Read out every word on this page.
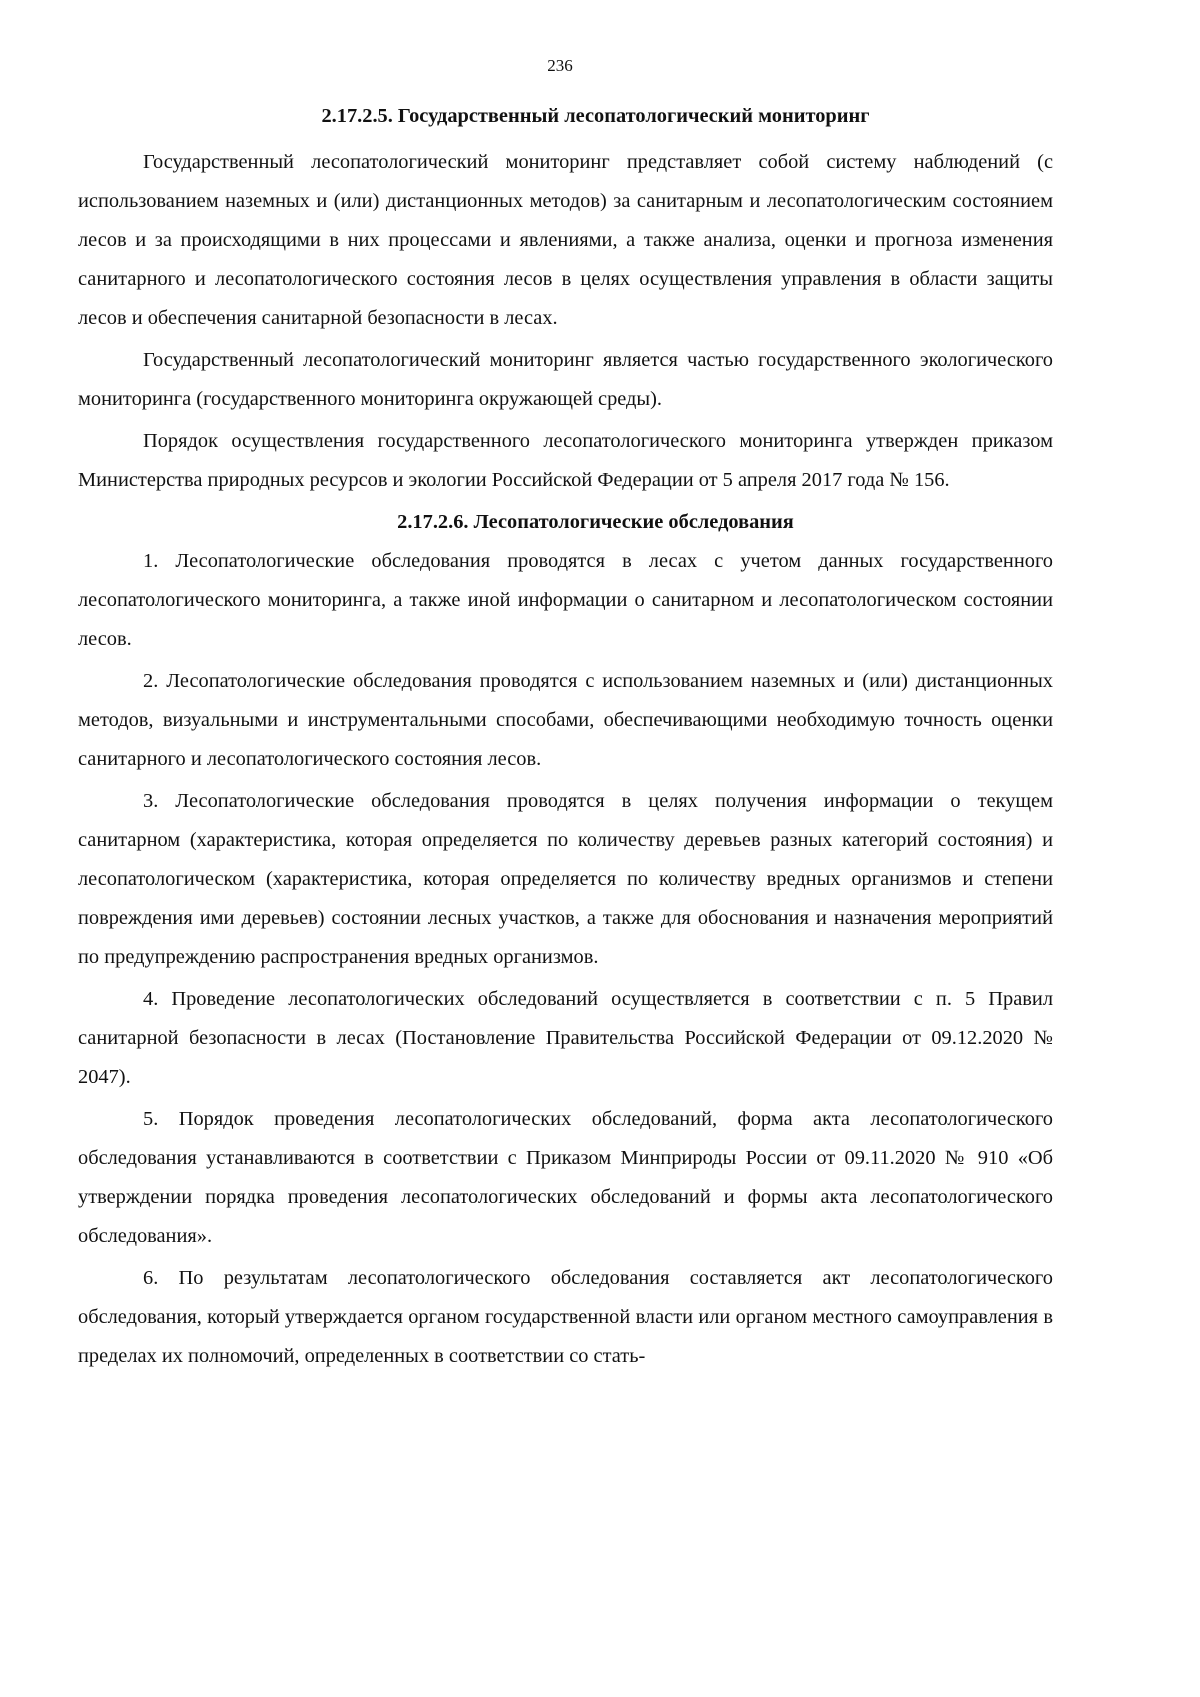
236
2.17.2.5. Государственный лесопатологический мониторинг

Государственный лесопатологический мониторинг представляет собой систему наблюдений (с использованием наземных и (или) дистанционных методов) за санитарным и лесопатологическим состоянием лесов и за происходящими в них процессами и явлениями, а также анализа, оценки и прогноза изменения санитарного и лесопатологического состояния лесов в целях осуществления управления в области защиты лесов и обеспечения санитарной безопасности в лесах.

Государственный лесопатологический мониторинг является частью государственного экологического мониторинга (государственного мониторинга окружающей среды).

Порядок осуществления государственного лесопатологического мониторинга утвержден приказом Министерства природных ресурсов и экологии Российской Федерации от 5 апреля 2017 года № 156.

2.17.2.6. Лесопатологические обследования

1. Лесопатологические обследования проводятся в лесах с учетом данных государственного лесопатологического мониторинга, а также иной информации о санитарном и лесопатологическом состоянии лесов.

2. Лесопатологические обследования проводятся с использованием наземных и (или) дистанционных методов, визуальными и инструментальными способами, обеспечивающими необходимую точность оценки санитарного и лесопатологического состояния лесов.

3. Лесопатологические обследования проводятся в целях получения информации о текущем санитарном (характеристика, которая определяется по количеству деревьев разных категорий состояния) и лесопатологическом (характеристика, которая определяется по количеству вредных организмов и степени повреждения ими деревьев) состоянии лесных участков, а также для обоснования и назначения мероприятий по предупреждению распространения вредных организмов.

4. Проведение лесопатологических обследований осуществляется в соответствии с п. 5 Правил санитарной безопасности в лесах (Постановление Правительства Российской Федерации от 09.12.2020 № 2047).

5. Порядок проведения лесопатологических обследований, форма акта лесопатологического обследования устанавливаются в соответствии с Приказом Минприроды России от 09.11.2020 № 910 «Об утверждении порядка проведения лесопатологических обследований и формы акта лесопатологического обследования».

6. По результатам лесопатологического обследования составляется акт лесопатологического обследования, который утверждается органом государственной власти или органом местного самоуправления в пределах их полномочий, определенных в соответствии со стать-
